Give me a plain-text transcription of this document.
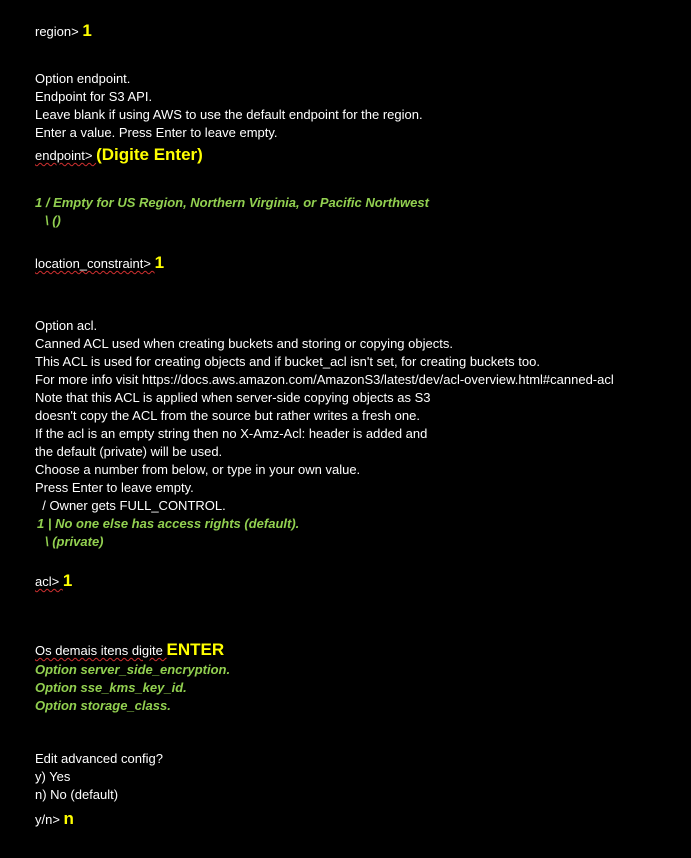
region> 1
Option endpoint.
Endpoint for S3 API.
Leave blank if using AWS to use the default endpoint for the region.
Enter a value. Press Enter to leave empty.
endpoint> (Digite Enter)
1 / Empty for US Region, Northern Virginia, or Pacific Northwest
\ ()
location_constraint> 1
Option acl.
Canned ACL used when creating buckets and storing or copying objects.
This ACL is used for creating objects and if bucket_acl isn't set, for creating buckets too.
For more info visit https://docs.aws.amazon.com/AmazonS3/latest/dev/acl-overview.html#canned-acl
Note that this ACL is applied when server-side copying objects as S3
doesn't copy the ACL from the source but rather writes a fresh one.
If the acl is an empty string then no X-Amz-Acl: header is added and
the default (private) will be used.
Choose a number from below, or type in your own value.
Press Enter to leave empty.
/ Owner gets FULL_CONTROL.
1 | No one else has access rights (default).
\ (private)
acl> 1
Os demais itens digite ENTER
Option server_side_encryption.
Option sse_kms_key_id.
Option storage_class.
Edit advanced config?
y) Yes
n) No (default)
y/n> n
